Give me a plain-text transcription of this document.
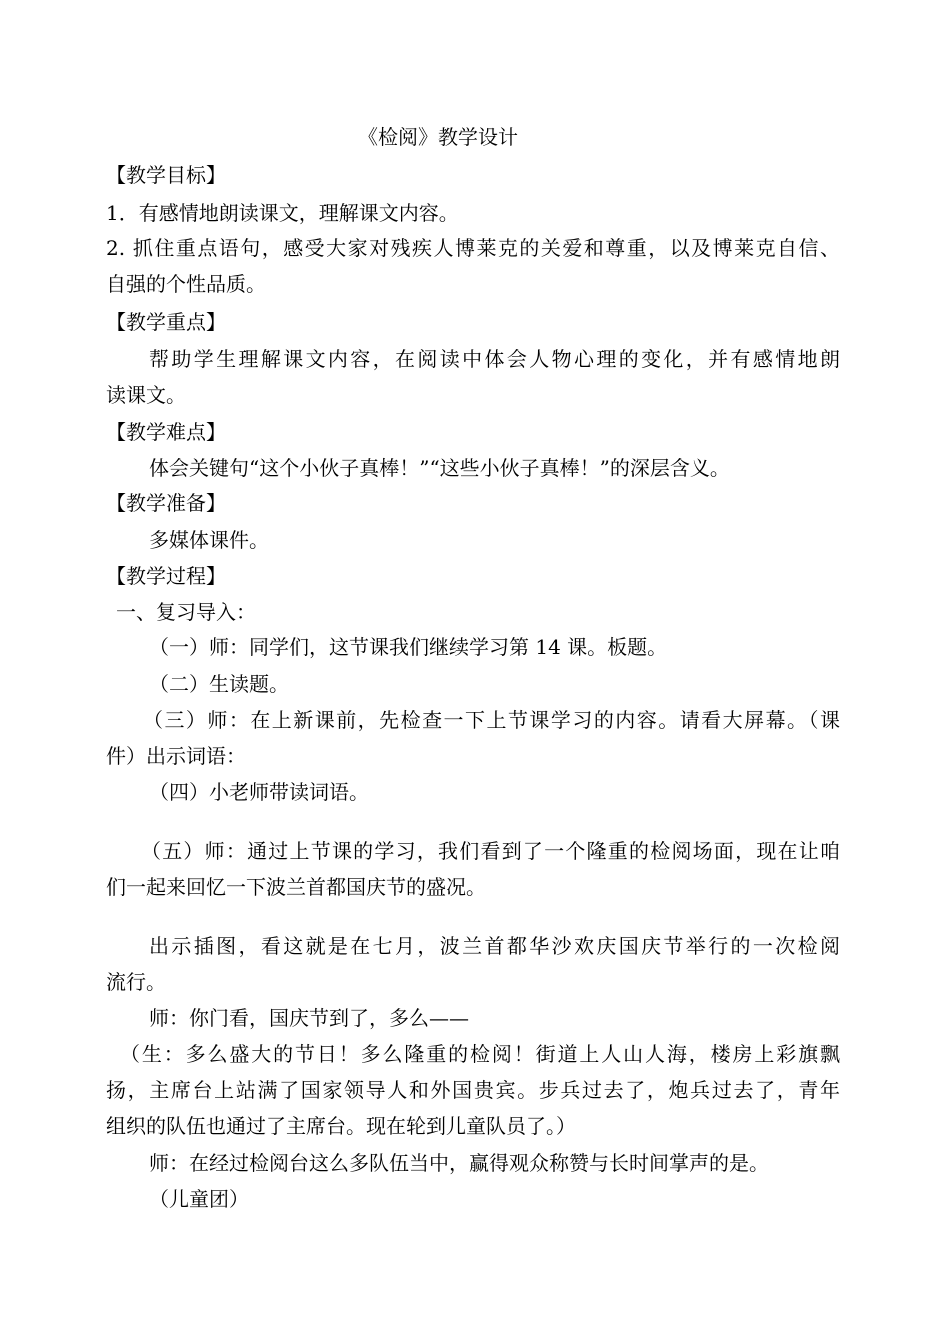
《检阅》教学设计
【教学目标】
1．有感情地朗读课文，理解课文内容。
2. 抓住重点语句，感受大家对残疾人博莱克的关爱和尊重，以及博莱克自信、
自强的个性品质。
【教学重点】
帮助学生理解课文内容，在阅读中体会人物心理的变化，并有感情地朗
读课文。
【教学难点】
体会关键句“这个小伙子真棒！”“这些小伙子真棒！”的深层含义。
【教学准备】
多媒体课件。
【教学过程】
一、复习导入：
（一）师：同学们，这节课我们继续学习第 14 课。板题。
（二）生读题。
（三）师：在上新课前，先检查一下上节课学习的内容。请看大屏幕。（课
件）出示词语：
（四）小老师带读词语。
（五）师：通过上节课的学习，我们看到了一个隆重的检阅场面，现在让咱
们一起来回忆一下波兰首都国庆节的盛况。
出示插图，看这就是在七月，波兰首都华沙欢庆国庆节举行的一次检阅
流行。
师：你门看，国庆节到了，多么——
（生：多么盛大的节日！多么隆重的检阅！街道上人山人海，楼房上彩旗飘
扬，主席台上站满了国家领导人和外国贵宾。步兵过去了，炮兵过去了，青年
组织的队伍也通过了主席台。现在轮到儿童队员了。）
师：在经过检阅台这么多队伍当中，赢得观众称赞与长时间掌声的是。
（儿童团）
